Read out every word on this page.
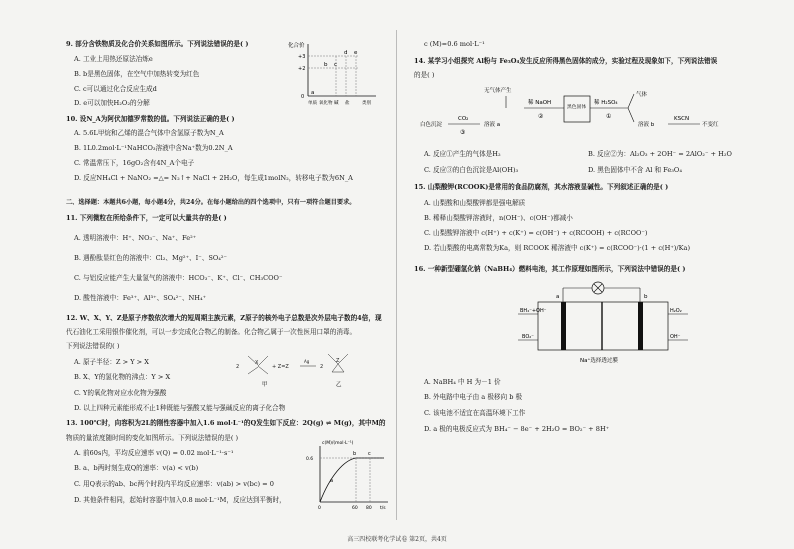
9. 部分含铁物质及化合价关系如图所示。下列说法错误的是( )
A. 工业上用热还原法冶炼e
B. b是黑色固体，在空气中加热转变为红色
C. c可以通过化合反应生成d
D. e可以加快H₂O₂的分解
化合价
+3
+2
0
a
b c
d e
单质 氧化物 碱 盐	类别
10. 设N_A为阿伏加德罗常数的值。下列说法正确的是( )
A. 5.6L甲烷和乙烯的混合气体中含氢原子数为N_A
B. 1L0.2mol·L⁻¹NaHCO₃溶液中含Na⁺数为0.2N_A
C. 常温常压下，16gO₂含有4N_A个电子
D. 反应NH₄Cl + NaNO₂ =△= N₂↑+ NaCl + 2H₂O，每生成1molN₂，转移电子数为6N_A
二、选择题：本题共6小题，每小题4分，共24分。在每小题给出的四个选项中，只有一项符合题目要求。
11. 下列微粒在所给条件下，一定可以大量共存的是( )
A. 透明溶液中：H⁺、NO₃⁻、Na⁺、Fe²⁺
B. 遇酚酞显红色的溶液中：Cl₂、Mg²⁺、I⁻、SO₄²⁻
C. 与铝反应能产生大量氢气的溶液中：HCO₃⁻、K⁺、Cl⁻、CH₃COO⁻
D. 酸性溶液中：Fe³⁺、Al³⁺、SO₄²⁻、NH₄⁺
12. W、X、Y、Z是原子序数依次增大的短周期主族元素，Z原子的核外电子总数是次外层电子数的4倍，现
代石油化工采用银作催化剂，可以一步完成化合物乙的制备。化合物乙属于一次性医用口罩的消毒。
下列说法错误的( )
A. 原子半径：Z > Y > X
B. X、Y的氢化物的沸点：Y > X
C. Y的氧化物对应水化物为强酸
D. 以上四种元素能形成不止1种既能与强酸又能与强碱反应的离子化合物
2
X
+ Z=Z
Ag
2
Z
甲	乙
13. 100℃时，向容积为2L的刚性容器中加入1.6 mol·L⁻¹的Q发生如下反应：2Q(g) ⇌ M(g)，其中M的
物质的量浓度随时间的变化如图所示。下列说法错误的是( )
A. 前60s内，平均反应速率 v(Q) = 0.02 mol·L⁻¹·s⁻¹
B. a、b两时刻生成Q的速率：v(a) < v(b)
C. 用Q表示的ab、bc两个时段内平均反应速率：v(ab) > v(bc) = 0
D. 其他条件相同，起始时容器中加入0.8 mol·L⁻¹M，反应达到平衡时，
c(M)/(mol·L⁻¹)
0.6
a
b c
0	60 80 t/s
c (M)=0.6 mol·L⁻¹
14. 某学习小组探究 Al粉与 Fe₃O₄发生反应所得黑色固体的成分，实验过程及现象如下，下列说法错误
的是( )
无气体产生
稀 NaOH
②
黑色固体
稀 H₂SO₄
①
气体
溶液 b
KSCN
不变红
溶液 a
CO₂
③
白色沉淀
A. 反应①产生的气体是H₂	B. 反应②为：Al₂O₃ + 2OH⁻ = 2AlO₂⁻ + H₂O
C. 反应③的白色沉淀是Al(OH)₃	D. 黑色固体中不含 Al 和 Fe₃O₄
15. 山梨酸钾(RCOOK)是常用的食品防腐剂，其水溶液显碱性。下列叙述正确的是( )
A. 山梨酸和山梨酸钾都是强电解质
B. 稀释山梨酸钾溶液时，n(OH⁻)、c(OH⁻)都减小
C. 山梨酸钾溶液中 c(H⁺) + c(K⁺) = c(OH⁻) + c(RCOOH) + c(RCOO⁻)
D. 若山梨酸的电离常数为Ka，则 RCOOK 稀溶液中 c(K⁺) = c(RCOO⁻)·(1 + c(H⁺)/Ka)
16. 一种新型硼氢化钠（NaBH₄）燃料电池，其工作原理如图所示，下列说法中错误的是( )
a	b
BH₄⁻+OH⁻
BO₂⁻
H₂O₂
OH⁻
Na⁺选择透过膜
A. NaBH₄ 中 H 为－1 价
B. 外电路中电子由 a 极移向 b 极
C. 该电池不适宜在高温环境下工作
D. a 极的电极反应式为 BH₄⁻ − 8e⁻ + 2H₂O = BO₂⁻ + 8H⁺
高三四校联考化学试卷 第2页，共4页
